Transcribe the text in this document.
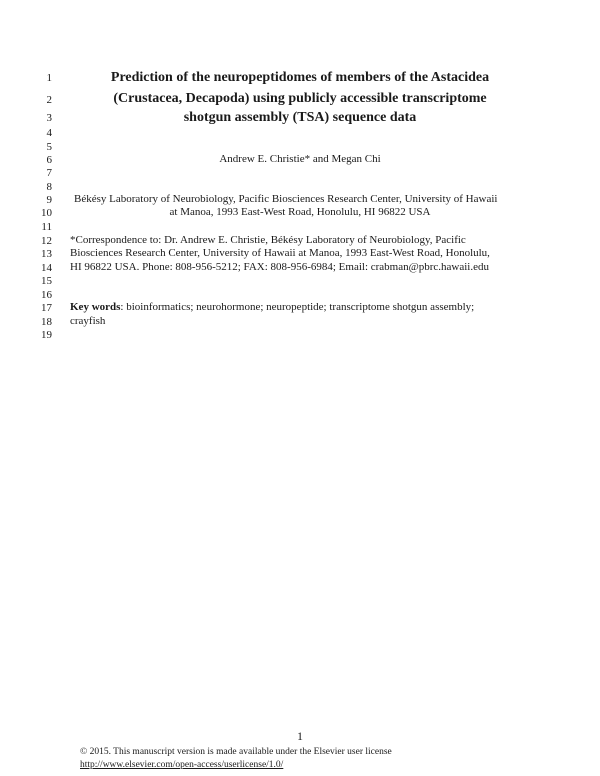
1
2
3
4
5
6
7
8
9
10
11
12
13
14
15
16
17
18
19
Prediction of the neuropeptidomes of members of the Astacidea
(Crustacea, Decapoda) using publicly accessible transcriptome
shotgun assembly (TSA) sequence data
Andrew E. Christie* and Megan Chi
Békésy Laboratory of Neurobiology, Pacific Biosciences Research Center, University of Hawaii
at Manoa, 1993 East-West Road, Honolulu, HI 96822 USA
*Correspondence to: Dr. Andrew E. Christie, Békésy Laboratory of Neurobiology, Pacific
Biosciences Research Center, University of Hawaii at Manoa, 1993 East-West Road, Honolulu,
HI 96822 USA. Phone: 808-956-5212; FAX: 808-956-6984; Email: crabman@pbrc.hawaii.edu
Key words: bioinformatics; neurohormone; neuropeptide; transcriptome shotgun assembly;
crayfish
1
© 2015. This manuscript version is made available under the Elsevier user license
http://www.elsevier.com/open-access/userlicense/1.0/
